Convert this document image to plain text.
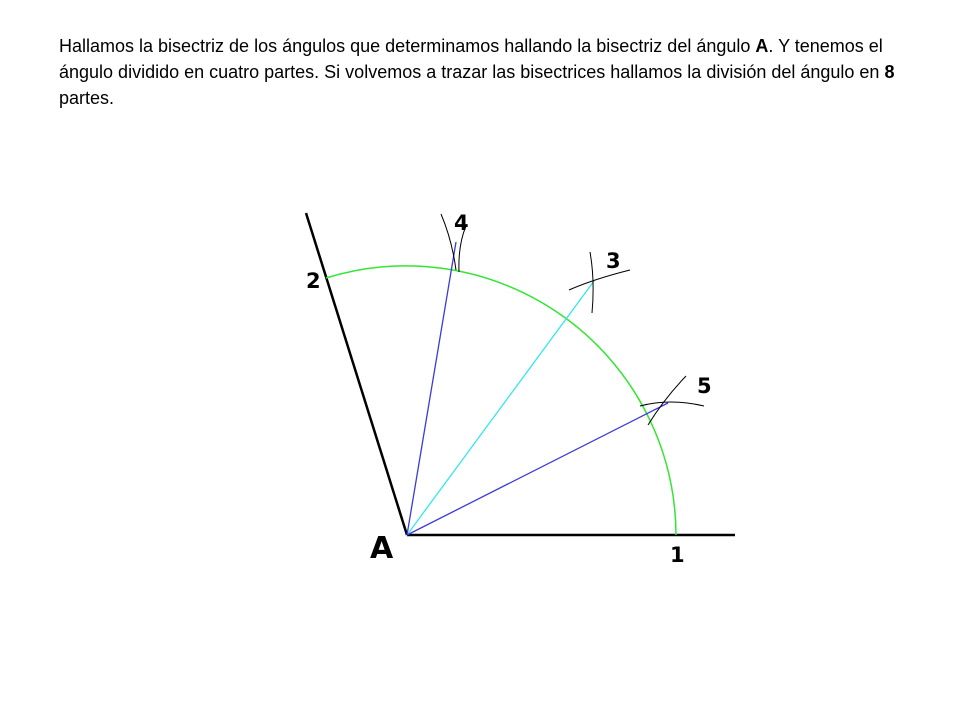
Hallamos la bisectriz de los ángulos que determinamos hallando la bisectriz del ángulo A. Y tenemos el ángulo dividido en cuatro partes. Si volvemos a trazar las bisectrices hallamos la división del ángulo en 8 partes.
A	1
2
3
4
5
